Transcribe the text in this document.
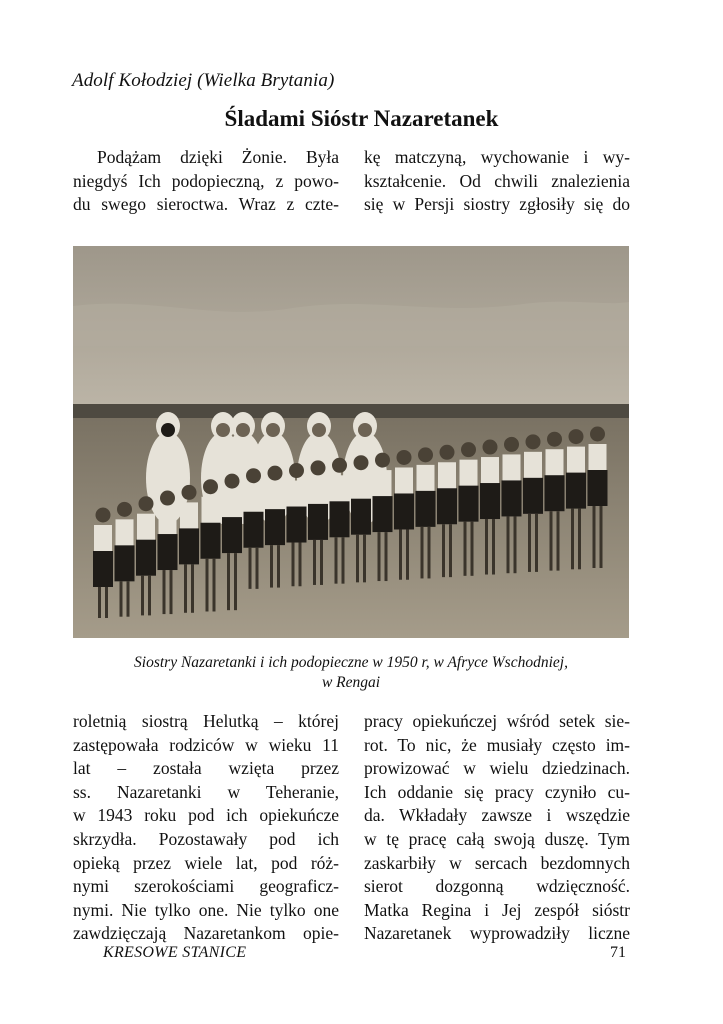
Adolf Kołodziej (Wielka Brytania)
Śladami Sióstr Nazaretanek
Podążam dzięki Żonie. Była
niegdyś Ich podopieczną, z powo-
du swego sieroctwa. Wraz z czte-
kę matczyną, wychowanie i wy-
kształcenie. Od chwili znalezienia
się w Persji siostry zgłosiły się do
Siostry Nazaretanki i ich podopieczne w 1950 r, w Afryce Wschodniej,
w Rengai
roletnią siostrą Helutką – której
zastępowała rodziców w wieku 11
lat – została wzięta przez
ss. Nazaretanki w Teheranie,
w 1943 roku pod ich opiekuńcze
skrzydła. Pozostawały pod ich
opieką przez wiele lat, pod róż-
nymi szerokościami geograficz-
nymi. Nie tylko one. Nie tylko one
zawdzięczają Nazaretankom opie-
pracy opiekuńczej wśród setek sie-
rot. To nic, że musiały często im-
prowizować w wielu dziedzinach.
Ich oddanie się pracy czyniło cu-
da. Wkładały zawsze i wszędzie
w tę pracę całą swoją duszę. Tym
zaskarbiły w sercach bezdomnych
sierot dozgonną wdzięczność.
Matka Regina i Jej zespół sióstr
Nazaretanek wyprowadziły liczne
KRESOWE STANICE	71
